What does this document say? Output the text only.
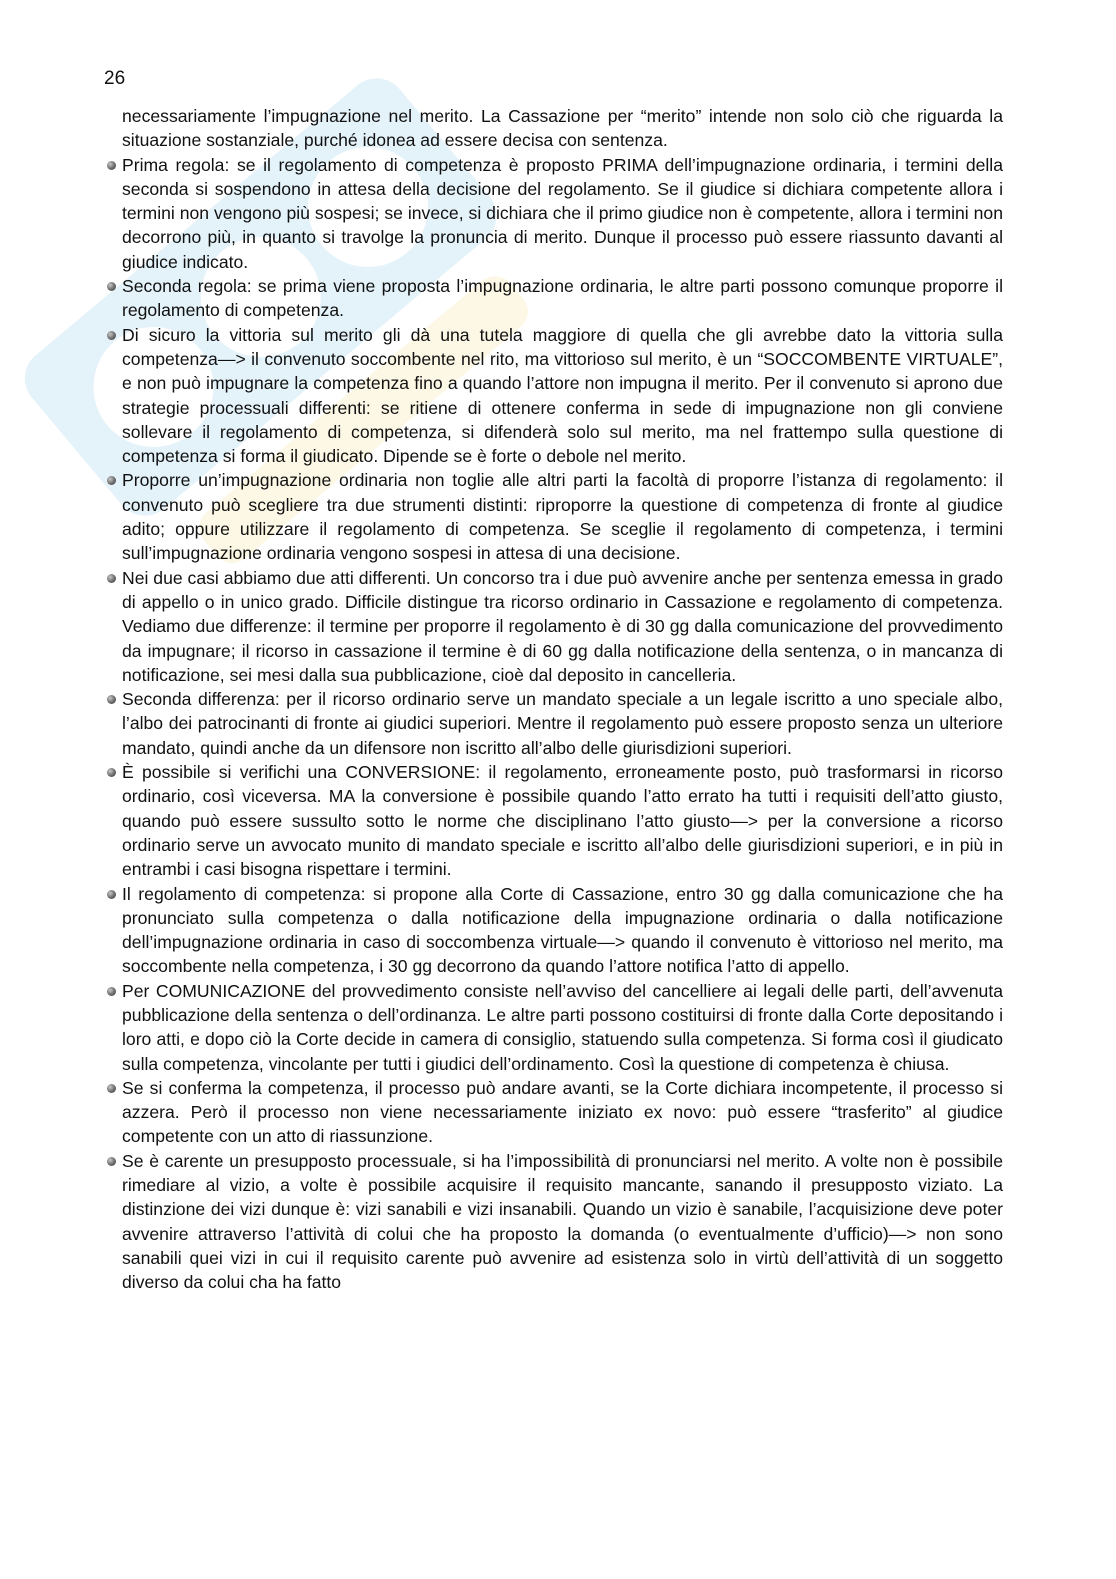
26

necessariamente l’impugnazione nel merito. La Cassazione per “merito” intende non solo ciò che riguarda la situazione sostanziale, purché idonea ad essere decisa con sentenza.

Prima regola: se il regolamento di competenza è proposto PRIMA dell’impugnazione ordinaria, i termini della seconda si sospendono in attesa della decisione del regolamento. Se il giudice si dichiara competente allora i termini non vengono più sospesi; se invece, si dichiara che il primo giudice non è competente, allora i termini non decorrono più, in quanto si travolge la pronuncia di merito. Dunque il processo può essere riassunto davanti al giudice indicato.

Seconda regola: se prima viene proposta l’impugnazione ordinaria, le altre parti possono comunque proporre il regolamento di competenza.

Di sicuro la vittoria sul merito gli dà una tutela maggiore di quella che gli avrebbe dato la vittoria sulla competenza—> il convenuto soccombente nel rito, ma vittorioso sul merito, è un “SOCCOMBENTE VIRTUALE”, e non può impugnare la competenza fino a quando l’attore non impugna il merito. Per il convenuto si aprono due strategie processuali differenti: se ritiene di ottenere conferma in sede di impugnazione non gli conviene sollevare il regolamento di competenza, si difenderà solo sul merito, ma nel frattempo sulla questione di competenza si forma il giudicato. Dipende se è forte o debole nel merito.

Proporre un’impugnazione ordinaria non toglie alle altri parti la facoltà di proporre l’istanza di regolamento: il convenuto può scegliere tra due strumenti distinti: riproporre la questione di competenza di fronte al giudice adito; oppure utilizzare il regolamento di competenza. Se sceglie il regolamento di competenza, i termini sull’impugnazione ordinaria vengono sospesi in attesa di una decisione.

Nei due casi abbiamo due atti differenti. Un concorso tra i due può avvenire anche per sentenza emessa in grado di appello o in unico grado. Difficile distingue tra ricorso ordinario in Cassazione e regolamento di competenza. Vediamo due differenze: il termine per proporre il regolamento è di 30 gg dalla comunicazione del provvedimento da impugnare; il ricorso in cassazione il termine è di 60 gg dalla notificazione della sentenza, o in mancanza di notificazione, sei mesi dalla sua pubblicazione, cioè dal deposito in cancelleria.

Seconda differenza: per il ricorso ordinario serve un mandato speciale a un legale iscritto a uno speciale albo, l’albo dei patrocinanti di fronte ai giudici superiori. Mentre il regolamento può essere proposto senza un ulteriore mandato, quindi anche da un difensore non iscritto all’albo delle giurisdizioni superiori.

È possibile si verifichi una CONVERSIONE: il regolamento, erroneamente posto, può trasformarsi in ricorso ordinario, così viceversa. MA la conversione è possibile quando l’atto errato ha tutti i requisiti dell’atto giusto, quando può essere sussulto sotto le norme che disciplinano l’atto giusto—> per la conversione a ricorso ordinario serve un avvocato munito di mandato speciale e iscritto all’albo delle giurisdizioni superiori, e in più in entrambi i casi bisogna rispettare i termini.

Il regolamento di competenza: si propone alla Corte di Cassazione, entro 30 gg dalla comunicazione che ha pronunciato sulla competenza o dalla notificazione della impugnazione ordinaria o dalla notificazione dell’impugnazione ordinaria in caso di soccombenza virtuale—> quando il convenuto è vittorioso nel merito, ma soccombente nella competenza, i 30 gg decorrono da quando l’attore notifica l’atto di appello.

Per COMUNICAZIONE del provvedimento consiste nell’avviso del cancelliere ai legali delle parti, dell’avvenuta pubblicazione della sentenza o dell’ordinanza. Le altre parti possono costituirsi di fronte dalla Corte depositando i loro atti, e dopo ciò la Corte decide in camera di consiglio, statuendo sulla competenza. Si forma così il giudicato sulla competenza, vincolante per tutti i giudici dell’ordinamento. Così la questione di competenza è chiusa.

Se si conferma la competenza, il processo può andare avanti, se la Corte dichiara incompetente, il processo si azzera. Però il processo non viene necessariamente iniziato ex novo: può essere “trasferito” al giudice competente con un atto di riassunzione.

Se è carente un presupposto processuale, si ha l’impossibilità di pronunciarsi nel merito. A volte non è possibile rimediare al vizio, a volte è possibile acquisire il requisito mancante, sanando il presupposto viziato. La distinzione dei vizi dunque è: vizi sanabili e vizi insanabili. Quando un vizio è sanabile, l’acquisizione deve poter avvenire attraverso l’attività di colui che ha proposto la domanda (o eventualmente d’ufficio)—> non sono sanabili quei vizi in cui il requisito carente può avvenire ad esistenza solo in virtù dell’attività di un soggetto diverso da colui cha ha fatto
